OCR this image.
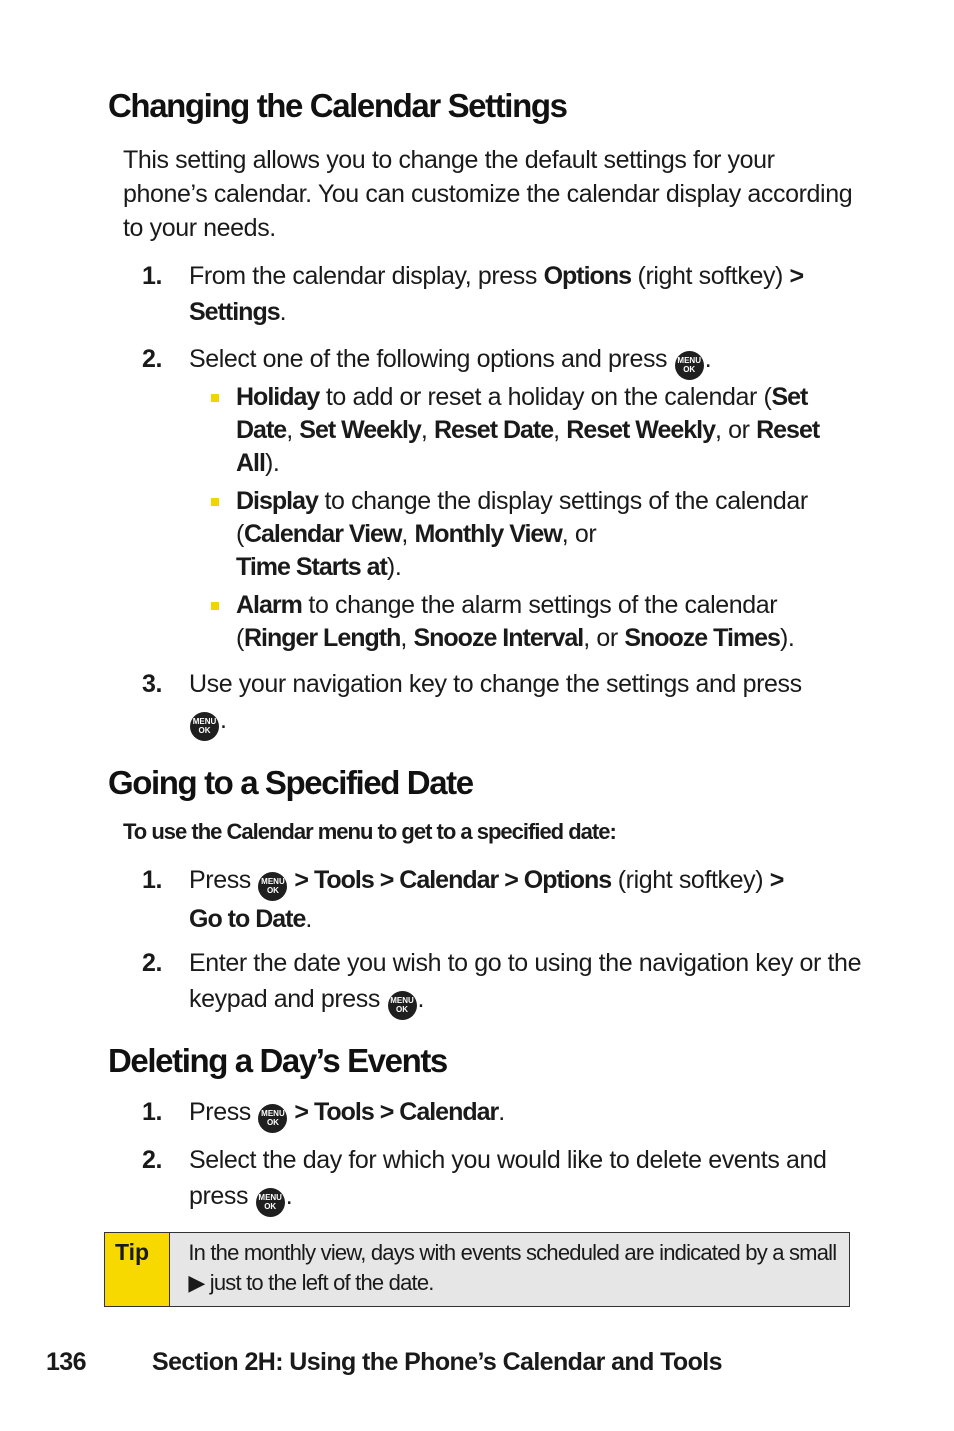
Changing the Calendar Settings

This setting allows you to change the default settings for your phone’s calendar. You can customize the calendar display according to your needs.

1. From the calendar display, press Options (right softkey) >
Settings.
2. Select one of the following options and press MENU
OK .
Holiday to add or reset a holiday on the calendar (Set Date, Set Weekly, Reset Date, Reset Weekly, or Reset All).
Display to change the display settings of the calendar (Calendar View, Monthly View, or
Time Starts at).
Alarm to change the alarm settings of the calendar (Ringer Length, Snooze Interval, or Snooze Times).
3. Use your navigation key to change the settings and press
MENU
OK .
Going to a Specified Date

To use the Calendar menu to get to a specified date:

1. Press MENU
OK > Tools > Calendar > Options (right softkey) >
Go to Date.
2. Enter the date you wish to go to using the navigation key or the keypad and press MENU
OK .
Deleting a Day’s Events
1. Press MENU
OK > Tools > Calendar.
2. Select the day for which you would like to delete events and press MENU
OK .
Tip	In the monthly view, days with events scheduled are indicated by a small ▶ just to the left of the date.
136	Section 2H: Using the Phone’s Calendar and Tools
